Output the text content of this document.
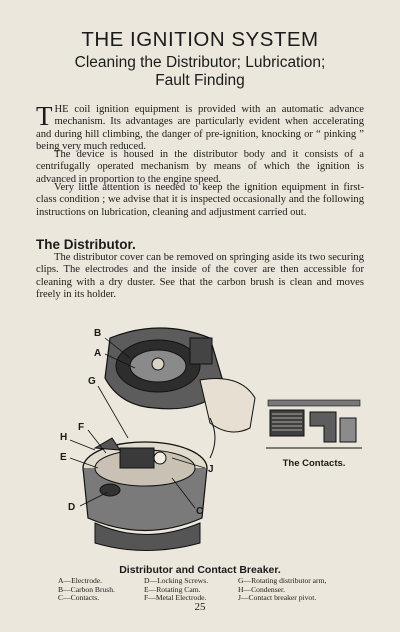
THE IGNITION SYSTEM
Cleaning the Distributor; Lubrication;
Fault Finding
THE coil ignition equipment is provided with an automatic advance mechanism. Its advantages are particularly evident when accelerating and during hill climbing, the danger of pre-ignition, knocking or “ pinking ” being very much reduced.
The device is housed in the distributor body and it consists of a centrifugally operated mechanism by means of which the ignition is advanced in proportion to the engine speed.
Very little attention is needed to keep the ignition equipment in first-class condition ; we advise that it is inspected occasionally and the following instructions on lubrication, cleaning and adjustment carried out.
The Distributor.
The distributor cover can be removed on springing aside its two securing clips. The electrodes and the inside of the cover are then accessible for cleaning with a dry duster. See that the carbon brush is clean and moves freely in its holder.
B
A
G
F
H
E
J
D	C
The Contacts.
Distributor and Contact Breaker.
A—Electrode.	D—Locking Screws.	G—Rotating distributor arm,
B—Carbon Brush.	E—Rotating Cam.	H—Condenser.
C—Contacts.	F—Metal Electrode.	J—Contact breaker pivot.
25
